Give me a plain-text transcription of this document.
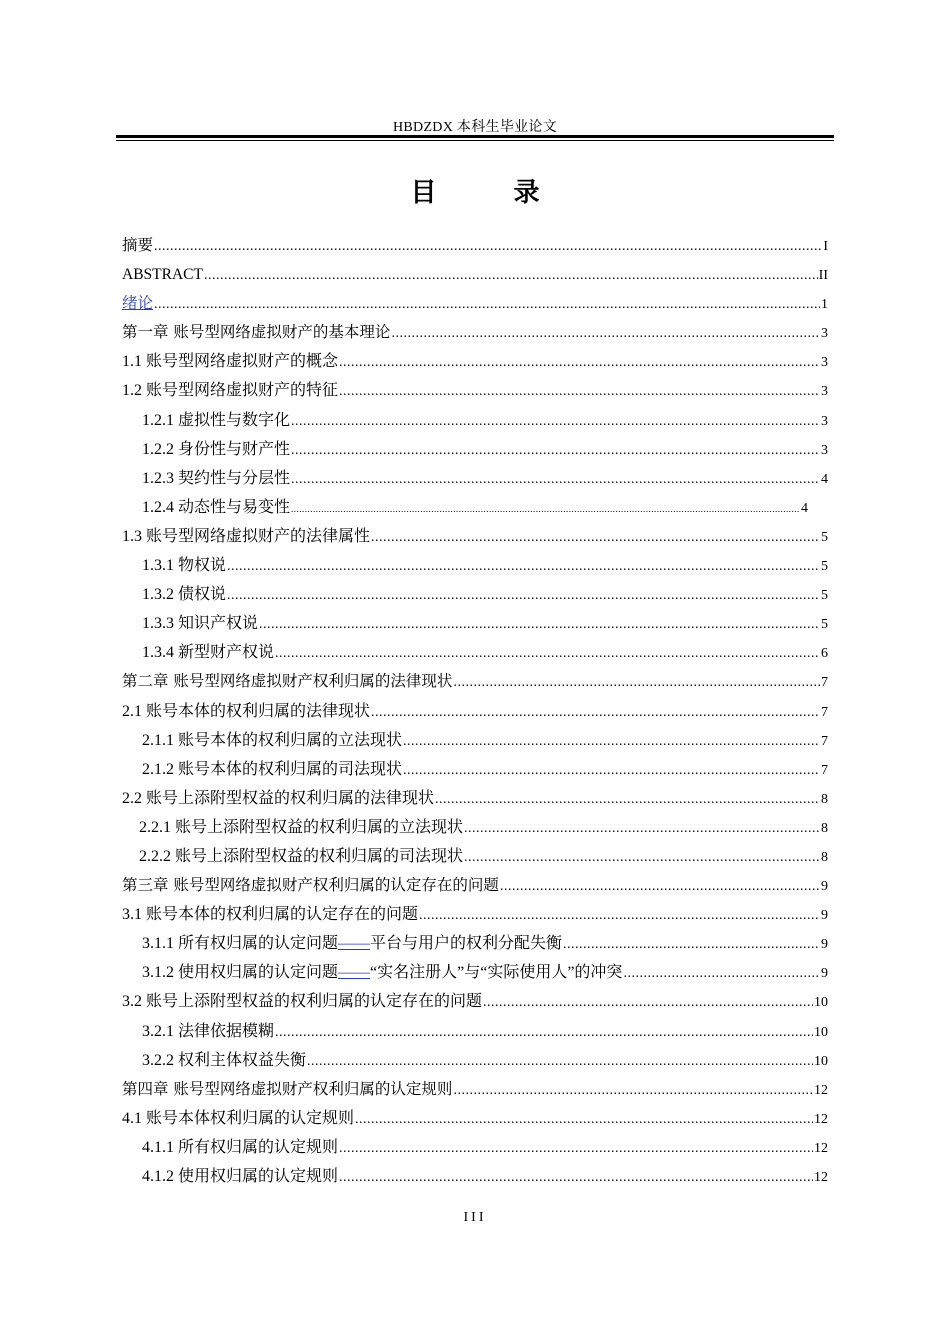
HBDZDX 本科生毕业论文
目 录
摘要 .....	I
ABSTRACT .....	II
绪论 .....	1
第一章 账号型网络虚拟财产的基本理论 .....	3
1.1 账号型网络虚拟财产的概念 .....	3
1.2 账号型网络虚拟财产的特征 .....	3
1.2.1 虚拟性与数字化 .....	3
1.2.2 身份性与财产性 .....	3
1.2.3 契约性与分层性 .....	4
1.2.4 动态性与易变性 .....	4
1.3 账号型网络虚拟财产的法律属性 .....	5
1.3.1 物权说 .....	5
1.3.2 债权说 .....	5
1.3.3 知识产权说 .....	5
1.3.4 新型财产权说 .....	6
第二章 账号型网络虚拟财产权利归属的法律现状 .....	7
2.1 账号本体的权利归属的法律现状 .....	7
2.1.1 账号本体的权利归属的立法现状 .....	7
2.1.2 账号本体的权利归属的司法现状 .....	7
2.2 账号上添附型权益的权利归属的法律现状 .....	8
2.2.1 账号上添附型权益的权利归属的立法现状 .....	8
2.2.2 账号上添附型权益的权利归属的司法现状 .....	8
第三章 账号型网络虚拟财产权利归属的认定存在的问题 .....	9
3.1 账号本体的权利归属的认定存在的问题 .....	9
3.1.1 所有权归属的认定问题——平台与用户的权利分配失衡 .....	9
3.1.2 使用权归属的认定问题——“实名注册人”与“实际使用人”的冲突 .....	9
3.2 账号上添附型权益的权利归属的认定存在的问题 .....	10
3.2.1 法律依据模糊 .....	10
3.2.2 权利主体权益失衡 .....	10
第四章 账号型网络虚拟财产权利归属的认定规则 .....	12
4.1 账号本体权利归属的认定规则 .....	12
4.1.1 所有权归属的认定规则 .....	12
4.1.2 使用权归属的认定规则 .....	12
III
